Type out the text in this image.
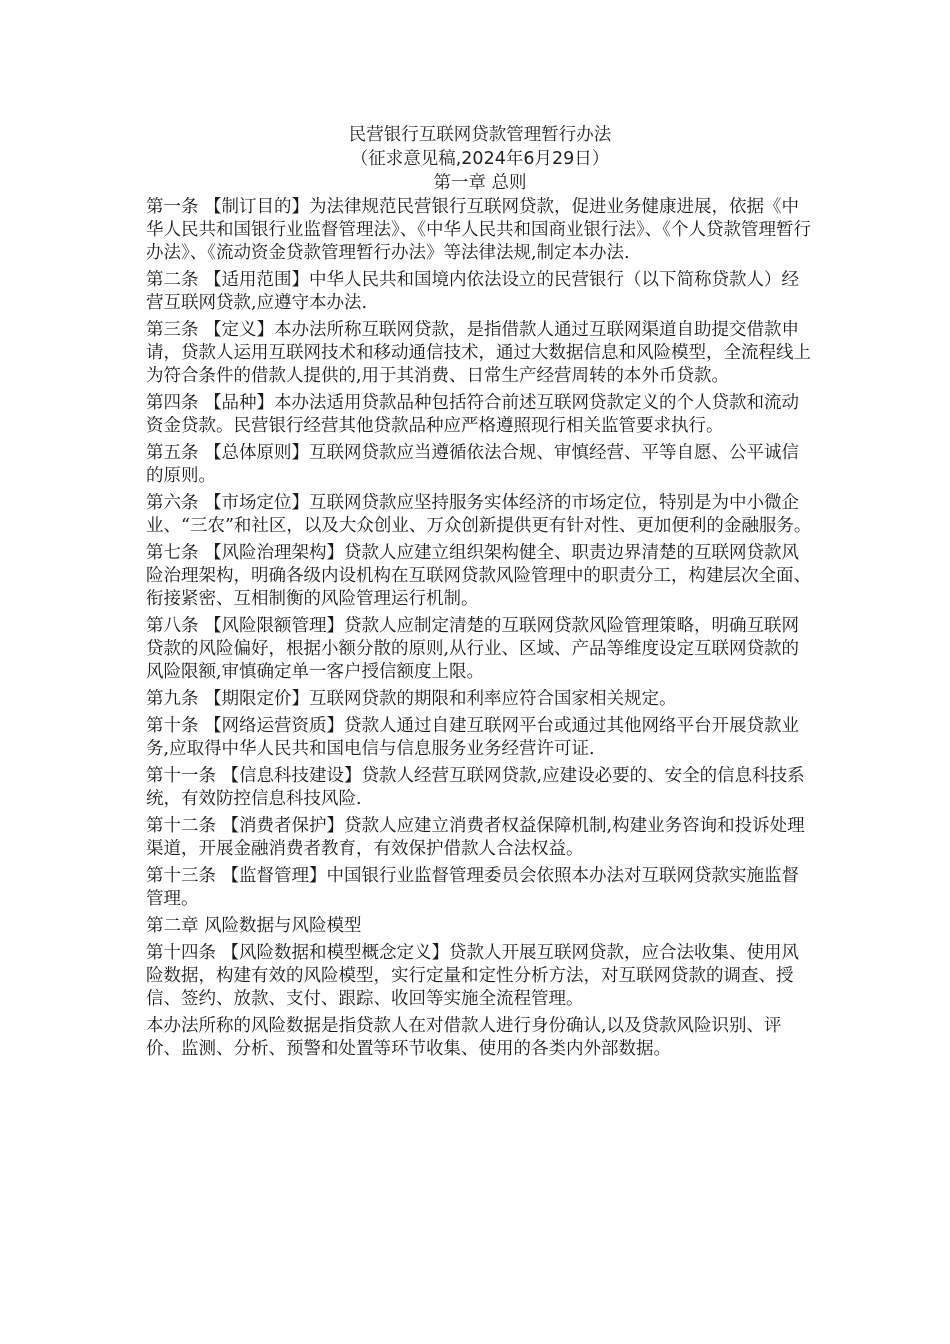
民营银行互联网贷款管理暂行办法
（征求意见稿,2024年6月29日）
第一章 总则

第一条 【制订目的】为法律规范民营银行互联网贷款，促进业务健康进展，依据《中华人民共和国银行业监督管理法》、《中华人民共和国商业银行法》、《个人贷款管理暂行办法》、《流动资金贷款管理暂行办法》等法律法规,制定本办法.

第二条 【适用范围】中华人民共和国境内依法设立的民营银行（以下简称贷款人）经营互联网贷款,应遵守本办法.

第三条 【定义】本办法所称互联网贷款，是指借款人通过互联网渠道自助提交借款申请，贷款人运用互联网技术和移动通信技术，通过大数据信息和风险模型，全流程线上为符合条件的借款人提供的,用于其消费、日常生产经营周转的本外币贷款。

第四条 【品种】本办法适用贷款品种包括符合前述互联网贷款定义的个人贷款和流动资金贷款。民营银行经营其他贷款品种应严格遵照现行相关监管要求执行。

第五条 【总体原则】互联网贷款应当遵循依法合规、审慎经营、平等自愿、公平诚信的原则。

第六条 【市场定位】互联网贷款应坚持服务实体经济的市场定位，特别是为中小微企业、“三农”和社区，以及大众创业、万众创新提供更有针对性、更加便利的金融服务。

第七条 【风险治理架构】贷款人应建立组织架构健全、职责边界清楚的互联网贷款风险治理架构，明确各级内设机构在互联网贷款风险管理中的职责分工，构建层次全面、衔接紧密、互相制衡的风险管理运行机制。

第八条 【风险限额管理】贷款人应制定清楚的互联网贷款风险管理策略，明确互联网贷款的风险偏好，根据小额分散的原则,从行业、区域、产品等维度设定互联网贷款的风险限额,审慎确定单一客户授信额度上限。

第九条 【期限定价】互联网贷款的期限和利率应符合国家相关规定。

第十条 【网络运营资质】贷款人通过自建互联网平台或通过其他网络平台开展贷款业务,应取得中华人民共和国电信与信息服务业务经营许可证.

第十一条 【信息科技建设】贷款人经营互联网贷款,应建设必要的、安全的信息科技系统，有效防控信息科技风险.

第十二条 【消费者保护】贷款人应建立消费者权益保障机制,构建业务咨询和投诉处理渠道，开展金融消费者教育，有效保护借款人合法权益。

第十三条 【监督管理】中国银行业监督管理委员会依照本办法对互联网贷款实施监督管理。

第二章 风险数据与风险模型

第十四条 【风险数据和模型概念定义】贷款人开展互联网贷款，应合法收集、使用风险数据，构建有效的风险模型，实行定量和定性分析方法，对互联网贷款的调查、授信、签约、放款、支付、跟踪、收回等实施全流程管理。

本办法所称的风险数据是指贷款人在对借款人进行身份确认,以及贷款风险识别、评价、监测、分析、预警和处置等环节收集、使用的各类内外部数据。
